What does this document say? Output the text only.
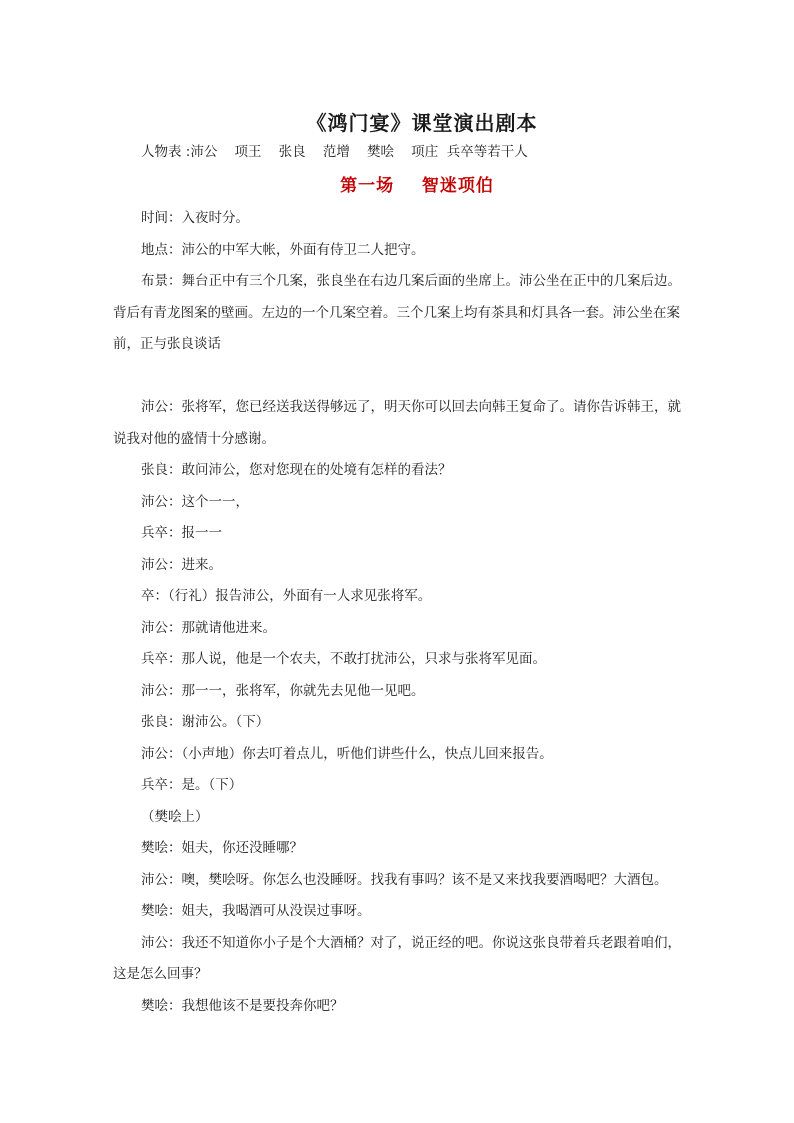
《鸿门宴》课堂演出剧本
人物表 :沛公    项王    张良    范增    樊哙    项庄  兵卒等若干人
第一场    智迷项伯

时间：入夜时分。

地点：沛公的中军大帐，外面有侍卫二人把守。

布景：舞台正中有三个几案，张良坐在右边几案后面的坐席上。沛公坐在正中的几案后边。背后有青龙图案的壁画。左边的一个几案空着。三个几案上均有茶具和灯具各一套。沛公坐在案前，正与张良谈话

沛公：张将军，您已经送我送得够远了，明天你可以回去向韩王复命了。请你告诉韩王，就说我对他的盛情十分感谢。

张良：敢问沛公，您对您现在的处境有怎样的看法？

沛公：这个一一，

兵卒：报一一

沛公：进来。

卒：（行礼）报告沛公，外面有一人求见张将军。

沛公：那就请他进来。

兵卒：那人说，他是一个农夫，不敢打扰沛公，只求与张将军见面。

沛公：那一一，张将军，你就先去见他一见吧。

张良：谢沛公。（下）

沛公：（小声地）你去叮着点儿，听他们讲些什么，快点儿回来报告。

兵卒：是。（下）

（樊哙上）

樊哙：姐夫，你还没睡哪？

沛公：噢，樊哙呀。你怎么也没睡呀。找我有事吗？该不是又来找我要酒喝吧？大酒包。

樊哙：姐夫，我喝酒可从没误过事呀。

沛公：我还不知道你小子是个大酒桶？对了，说正经的吧。你说这张良带着兵老跟着咱们，这是怎么回事？

樊哙：我想他该不是要投奔你吧？
